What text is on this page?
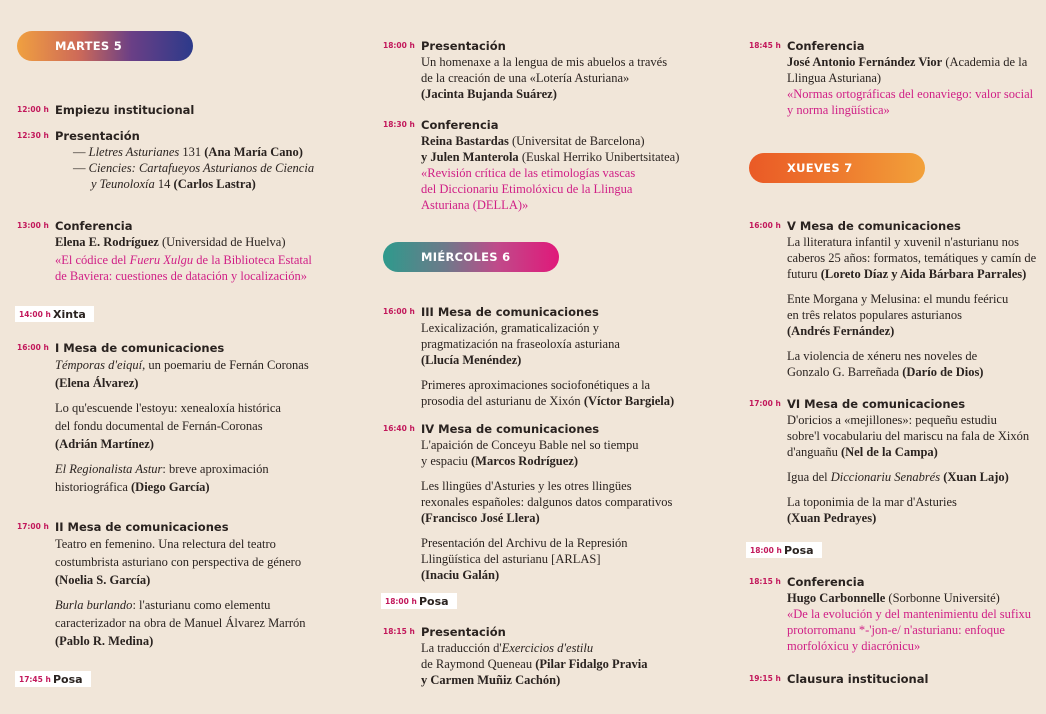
MARTES 5
12:00 h Empiezu institucional
12:30 h Presentación
— Lletres Asturianes 131 (Ana María Cano)
— Ciencies: Cartafueyos Asturianos de Ciencia
y Teunoloxía 14 (Carlos Lastra)
13:00 h Conferencia
Elena E. Rodríguez (Universidad de Huelva)
«El códice del Fueru Xulgu de la Biblioteca Estatal
de Baviera: cuestiones de datación y localización»
14:00 h Xinta
16:00 h I Mesa de comunicaciones
Témporas d'eiquí, un poemariu de Fernán Coronas
(Elena Álvarez)
Lo qu'escuende l'estoyu: xenealoxía histórica
del fondu documental de Fernán-Coronas
(Adrián Martínez)
El Regionalista Astur: breve aproximación
historiográfica (Diego García)
17:00 h II Mesa de comunicaciones
Teatro en femenino. Una relectura del teatro
costumbrista asturiano con perspectiva de género
(Noelia S. García)
Burla burlando: l'asturianu como elementu
caracterizador na obra de Manuel Álvarez Marrón
(Pablo R. Medina)
17:45 h Posa
18:00 h Presentación
Un homenaxe a la lengua de mis abuelos a través
de la creación de una «Lotería Asturiana»
(Jacinta Bujanda Suárez)
18:30 h Conferencia
Reina Bastardas (Universitat de Barcelona)
y Julen Manterola (Euskal Herriko Unibertsitatea)
«Revisión crítica de las etimologías vascas
del Diccionariu Etimolóxicu de la Llingua
Asturiana (DELLA)»
MIÉRCOLES 6
16:00 h III Mesa de comunicaciones
Lexicalización, gramaticalización y
pragmatización na fraseoloxía asturiana
(Llucía Menéndez)
Primeres aproximaciones sociofonétiques a la
prosodia del asturianu de Xixón (Víctor Bargiela)
16:40 h IV Mesa de comunicaciones
L'apaición de Conceyu Bable nel so tiempu
y espaciu (Marcos Rodríguez)
Les llingües d'Asturies y les otres llingües
rexonales españoles: dalgunos datos comparativos
(Francisco José Llera)
Presentación del Archivu de la Represión
Llingüística del asturianu [ARLAS]
(Inaciu Galán)
18:00 h Posa
18:15 h Presentación
La traducción d'Exercicios d'estilu
de Raymond Queneau (Pilar Fidalgo Pravia
y Carmen Muñiz Cachón)
18:45 h Conferencia
José Antonio Fernández Vior (Academia de la
Llingua Asturiana)
«Normas ortográficas del eonaviego: valor social
y norma lingüística»
XUEVES 7
16:00 h V Mesa de comunicaciones
La lliteratura infantil y xuvenil n'asturianu nos
caberos 25 años: formatos, temátiques y camín de
futuru (Loreto Díaz y Aida Bárbara Parrales)
Ente Morgana y Melusina: el mundu feéricu
en três relatos populares asturianos
(Andrés Fernández)
La violencia de xéneru nes noveles de
Gonzalo G. Barreñada (Darío de Dios)
17:00 h VI Mesa de comunicaciones
D'oricios a «mejillones»: pequeñu estudiu
sobre'l vocabulariu del mariscu na fala de Xixón
d'anguañu (Nel de la Campa)
Igua del Diccionariu Senabrés (Xuan Lajo)
La toponimia de la mar d'Asturies
(Xuan Pedrayes)
18:00 h Posa
18:15 h Conferencia
Hugo Carbonnelle (Sorbonne Université)
«De la evolución y del mantenimientu del sufixu
protorromanu *-'jon-e/ n'asturianu: enfoque
morfolóxicu y diacrónicu»
19:15 h Clausura institucional
